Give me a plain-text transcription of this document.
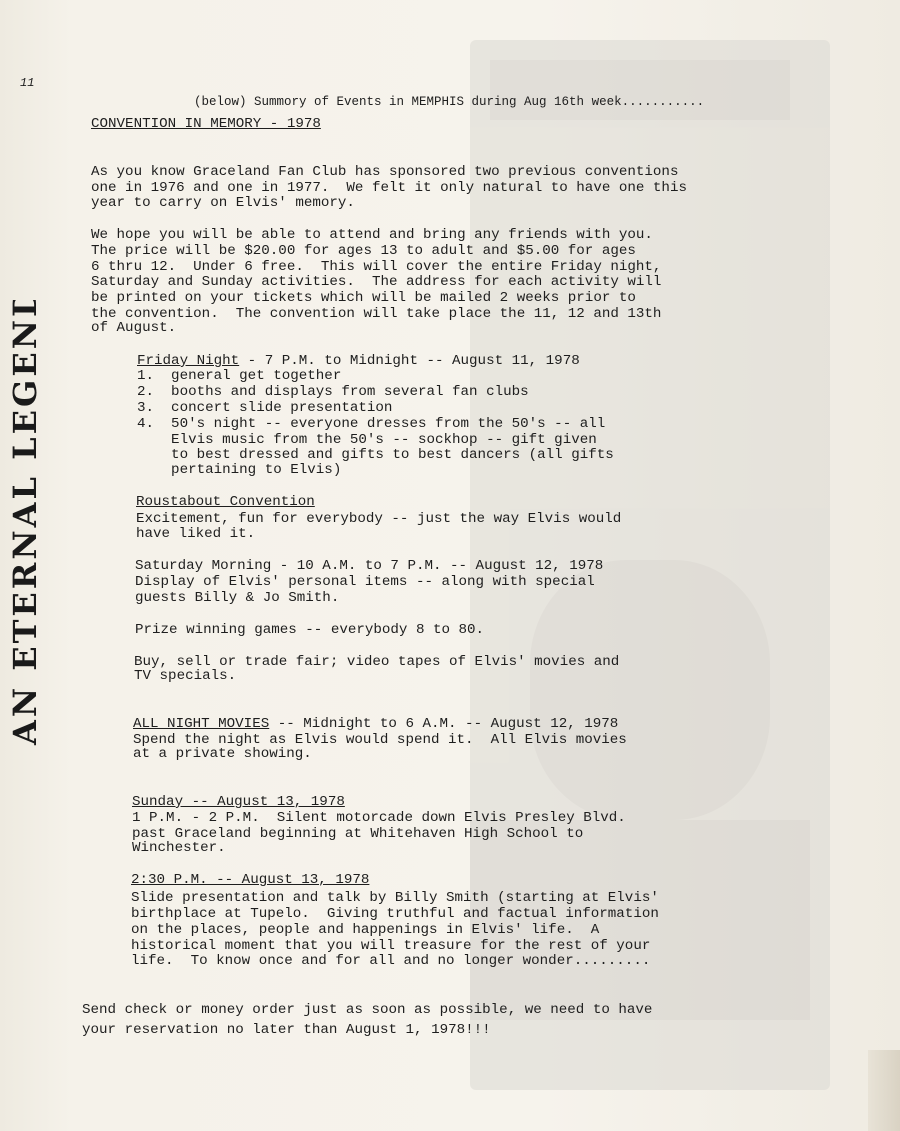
11
AN ETERNAL LEGEND
(below) Summory of Events in MEMPHIS during Aug 16th week...........
CONVENTION IN MEMORY - 1978
As you know Graceland Fan Club has sponsored two previous conventions
one in 1976 and one in 1977.  We felt it only natural to have one this
year to carry on Elvis' memory.
We hope you will be able to attend and bring any friends with you.
The price will be $20.00 for ages 13 to adult and $5.00 for ages
6 thru 12.  Under 6 free.  This will cover the entire Friday night,
Saturday and Sunday activities.  The address for each activity will
be printed on your tickets which will be mailed 2 weeks prior to
the convention.  The convention will take place the 11, 12 and 13th
of August.
Friday Night - 7 P.M. to Midnight -- August 11, 1978
1.  general get together
2.  booths and displays from several fan clubs
3.  concert slide presentation
4.  50's night -- everyone dresses from the 50's -- all
Elvis music from the 50's -- sockhop -- gift given
to best dressed and gifts to best dancers (all gifts
pertaining to Elvis)
Roustabout Convention
Excitement, fun for everybody -- just the way Elvis would
have liked it.
Saturday Morning - 10 A.M. to 7 P.M. -- August 12, 1978
Display of Elvis' personal items -- along with special
guests Billy & Jo Smith.
Prize winning games -- everybody 8 to 80.
Buy, sell or trade fair; video tapes of Elvis' movies and
TV specials.
ALL NIGHT MOVIES -- Midnight to 6 A.M. -- August 12, 1978
Spend the night as Elvis would spend it.  All Elvis movies
at a private showing.
Sunday -- August 13, 1978
1 P.M. - 2 P.M.  Silent motorcade down Elvis Presley Blvd.
past Graceland beginning at Whitehaven High School to
Winchester.
2:30 P.M. -- August 13, 1978
Slide presentation and talk by Billy Smith (starting at Elvis'
birthplace at Tupelo.  Giving truthful and factual information
on the places, people and happenings in Elvis' life.  A
historical moment that you will treasure for the rest of your
life.  To know once and for all and no longer wonder.........
Send check or money order just as soon as possible, we need to have
your reservation no later than August 1, 1978!!!
